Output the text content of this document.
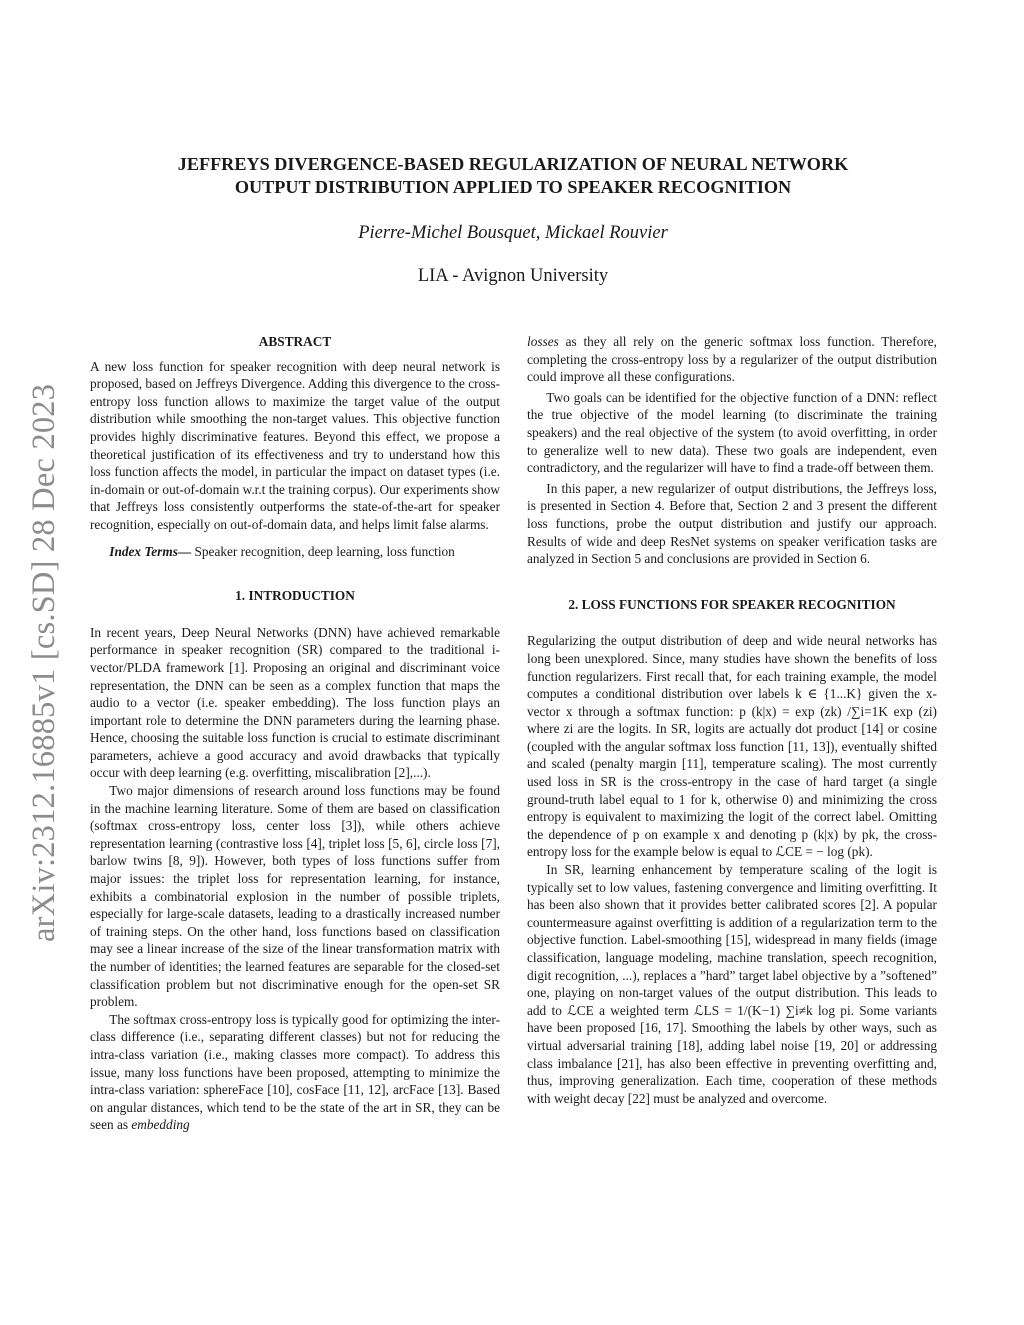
arXiv:2312.16885v1 [cs.SD] 28 Dec 2023
JEFFREYS DIVERGENCE-BASED REGULARIZATION OF NEURAL NETWORK
OUTPUT DISTRIBUTION APPLIED TO SPEAKER RECOGNITION
Pierre-Michel Bousquet, Mickael Rouvier
LIA - Avignon University
ABSTRACT

A new loss function for speaker recognition with deep neural network is proposed, based on Jeffreys Divergence. Adding this divergence to the cross-entropy loss function allows to maximize the target value of the output distribution while smoothing the non-target values. This objective function provides highly discriminative features. Beyond this effect, we propose a theoretical justification of its effectiveness and try to understand how this loss function affects the model, in particular the impact on dataset types (i.e. in-domain or out-of-domain w.r.t the training corpus). Our experiments show that Jeffreys loss consistently outperforms the state-of-the-art for speaker recognition, especially on out-of-domain data, and helps limit false alarms.

Index Terms— Speaker recognition, deep learning, loss function

1. INTRODUCTION

In recent years, Deep Neural Networks (DNN) have achieved remarkable performance in speaker recognition (SR) compared to the traditional i-vector/PLDA framework [1]. Proposing an original and discriminant voice representation, the DNN can be seen as a complex function that maps the audio to a vector (i.e. speaker embedding). The loss function plays an important role to determine the DNN parameters during the learning phase. Hence, choosing the suitable loss function is crucial to estimate discriminant parameters, achieve a good accuracy and avoid drawbacks that typically occur with deep learning (e.g. overfitting, miscalibration [2],...).

Two major dimensions of research around loss functions may be found in the machine learning literature. Some of them are based on classification (softmax cross-entropy loss, center loss [3]), while others achieve representation learning (contrastive loss [4], triplet loss [5, 6], circle loss [7], barlow twins [8, 9]). However, both types of loss functions suffer from major issues: the triplet loss for representation learning, for instance, exhibits a combinatorial explosion in the number of possible triplets, especially for large-scale datasets, leading to a drastically increased number of training steps. On the other hand, loss functions based on classification may see a linear increase of the size of the linear transformation matrix with the number of identities; the learned features are separable for the closed-set classification problem but not discriminative enough for the open-set SR problem.

The softmax cross-entropy loss is typically good for optimizing the inter-class difference (i.e., separating different classes) but not for reducing the intra-class variation (i.e., making classes more compact). To address this issue, many loss functions have been proposed, attempting to minimize the intra-class variation: sphereFace [10], cosFace [11, 12], arcFace [13]. Based on angular distances, which tend to be the state of the art in SR, they can be seen as embedding

losses as they all rely on the generic softmax loss function. Therefore, completing the cross-entropy loss by a regularizer of the output distribution could improve all these configurations.

Two goals can be identified for the objective function of a DNN: reflect the true objective of the model learning (to discriminate the training speakers) and the real objective of the system (to avoid overfitting, in order to generalize well to new data). These two goals are independent, even contradictory, and the regularizer will have to find a trade-off between them.

In this paper, a new regularizer of output distributions, the Jeffreys loss, is presented in Section 4. Before that, Section 2 and 3 present the different loss functions, probe the output distribution and justify our approach. Results of wide and deep ResNet systems on speaker verification tasks are analyzed in Section 5 and conclusions are provided in Section 6.

2. LOSS FUNCTIONS FOR SPEAKER RECOGNITION

Regularizing the output distribution of deep and wide neural networks has long been unexplored. Since, many studies have shown the benefits of loss function regularizers. First recall that, for each training example, the model computes a conditional distribution over labels k ∈ {1...K} given the x-vector x through a softmax function: p (k|x) = exp (zk) /∑i=1K exp (zi) where zi are the logits. In SR, logits are actually dot product [14] or cosine (coupled with the angular softmax loss function [11, 13]), eventually shifted and scaled (penalty margin [11], temperature scaling). The most currently used loss in SR is the cross-entropy in the case of hard target (a single ground-truth label equal to 1 for k, otherwise 0) and minimizing the cross entropy is equivalent to maximizing the logit of the correct label. Omitting the dependence of p on example x and denoting p (k|x) by pk, the cross-entropy loss for the example below is equal to ℒCE = − log (pk).

In SR, learning enhancement by temperature scaling of the logit is typically set to low values, fastening convergence and limiting overfitting. It has been also shown that it provides better calibrated scores [2]. A popular countermeasure against overfitting is addition of a regularization term to the objective function. Label-smoothing [15], widespread in many fields (image classification, language modeling, machine translation, speech recognition, digit recognition, ...), replaces a ”hard” target label objective by a ”softened” one, playing on non-target values of the output distribution. This leads to add to ℒCE a weighted term ℒLS = 1/(K−1) ∑i≠k log pi. Some variants have been proposed [16, 17]. Smoothing the labels by other ways, such as virtual adversarial training [18], adding label noise [19, 20] or addressing class imbalance [21], has also been effective in preventing overfitting and, thus, improving generalization. Each time, cooperation of these methods with weight decay [22] must be analyzed and overcome.
